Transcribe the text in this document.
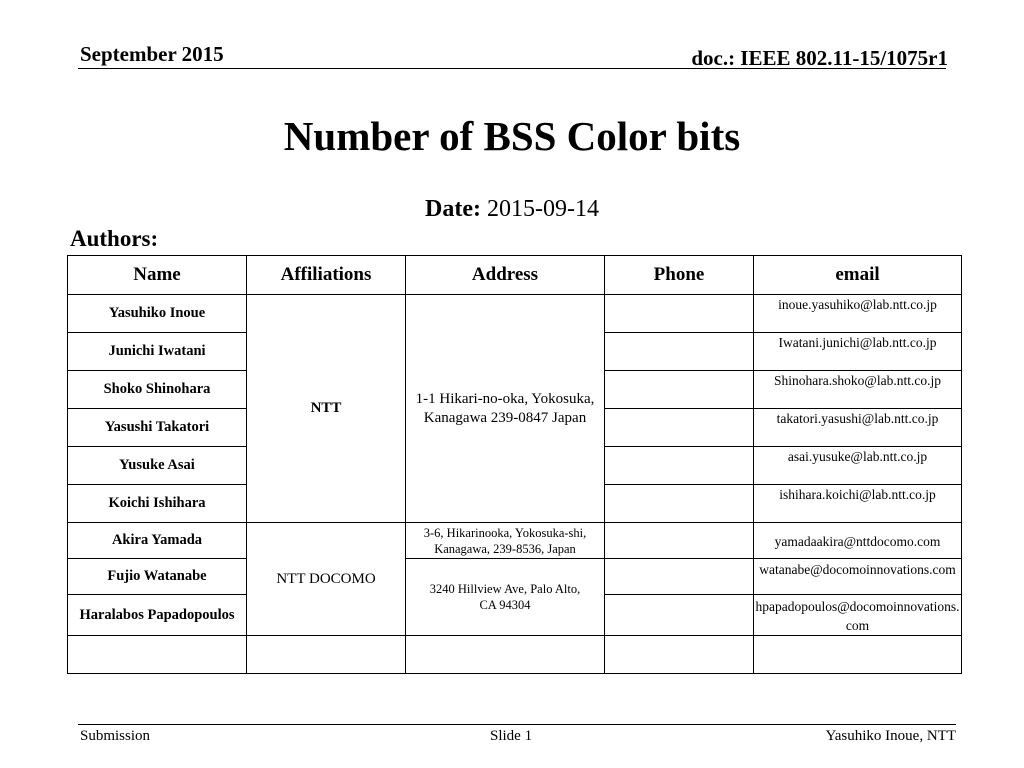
September 2015	doc.: IEEE 802.11-15/1075r1
Number of BSS Color bits
Date: 2015-09-14
Authors:
Name	Affiliations	Address	Phone	email
Yasuhiko Inoue	NTT	1-1 Hikari-no-oka, Yokosuka, Kanagawa 239-0847 Japan		inoue.yasuhiko@lab.ntt.co.jp
Junichi Iwatani				Iwatani.junichi@lab.ntt.co.jp
Shoko Shinohara				Shinohara.shoko@lab.ntt.co.jp
Yasushi Takatori				takatori.yasushi@lab.ntt.co.jp
Yusuke Asai				asai.yusuke@lab.ntt.co.jp
Koichi Ishihara				ishihara.koichi@lab.ntt.co.jp
Akira Yamada	NTT DOCOMO	3-6, Hikarinooka, Yokosuka-shi, Kanagawa, 239-8536, Japan		yamadaakira@nttdocomo.com
Fujio Watanabe		3240 Hillview Ave, Palo Alto, CA 94304		watanabe@docomoinnovations.com
Haralabos Papadopoulos				hpapadopoulos@docomoinnovations.com

Submission	Slide 1	Yasuhiko Inoue, NTT
